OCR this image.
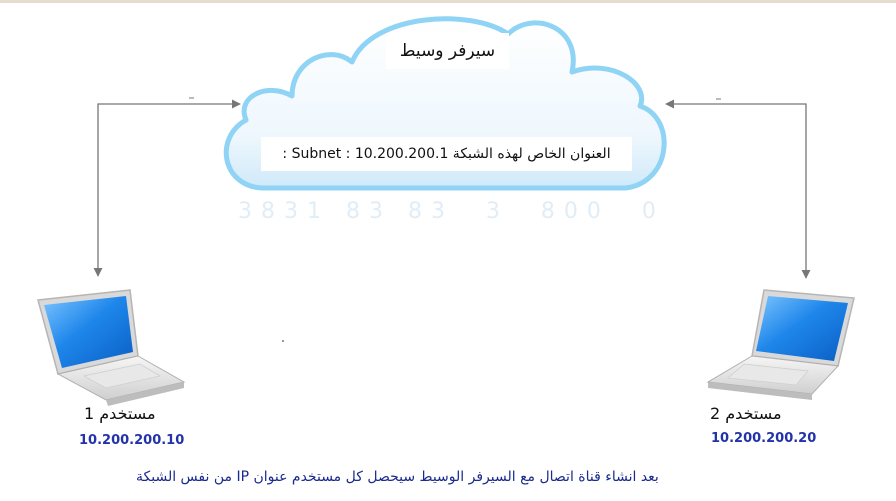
3831 83 83  3  800  0
سيرفر وسيط
العنوان الخاص لهذه الشبكة Subnet : 10.200.200.1 :
مستخدم 1
10.200.200.10
مستخدم 2
10.200.200.20
بعد انشاء قناة اتصال مع السيرفر الوسيط سيحصل كل مستخدم عنوان IP من نفس الشبكة
